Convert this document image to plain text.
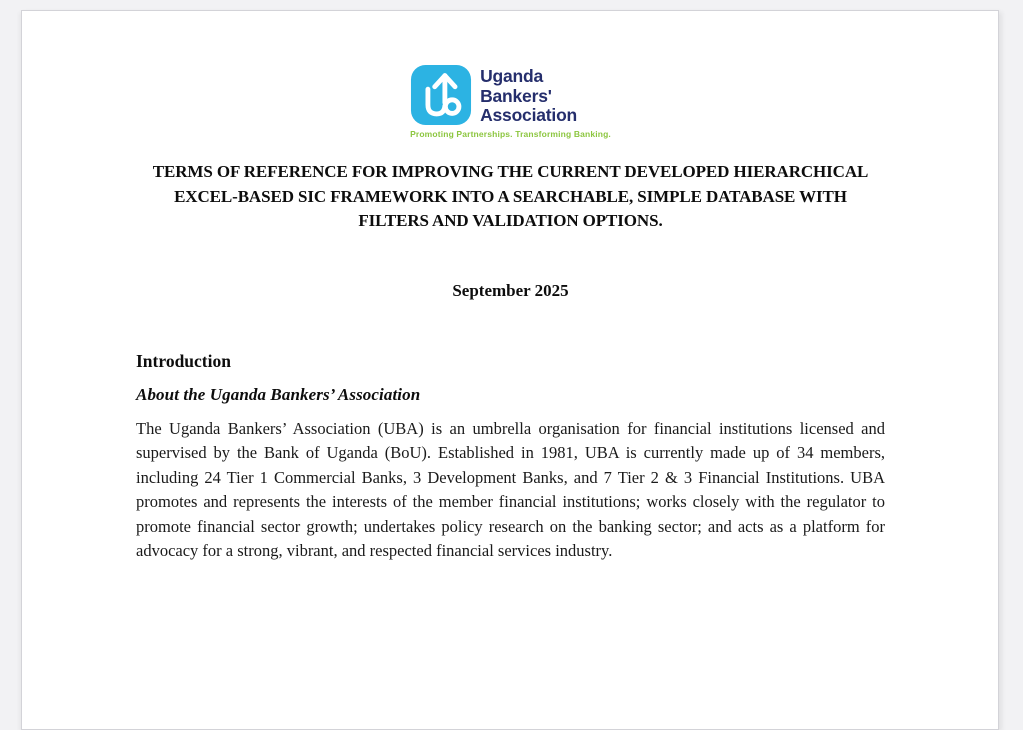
Uganda
Bankers'
Association
Promoting Partnerships. Transforming Banking.
TERMS OF REFERENCE FOR IMPROVING THE CURRENT DEVELOPED HIERARCHICAL
EXCEL-BASED SIC FRAMEWORK INTO A SEARCHABLE, SIMPLE DATABASE WITH
FILTERS AND VALIDATION OPTIONS.
September 2025
Introduction
About the Uganda Bankers’ Association
The Uganda Bankers’ Association (UBA) is an umbrella organisation for financial institutions licensed and supervised by the Bank of Uganda (BoU). Established in 1981, UBA is currently made up of 34 members, including 24 Tier 1 Commercial Banks, 3 Development Banks, and 7 Tier 2 & 3 Financial Institutions. UBA promotes and represents the interests of the member financial institutions; works closely with the regulator to promote financial sector growth; undertakes policy research on the banking sector; and acts as a platform for advocacy for a strong, vibrant, and respected financial services industry.
